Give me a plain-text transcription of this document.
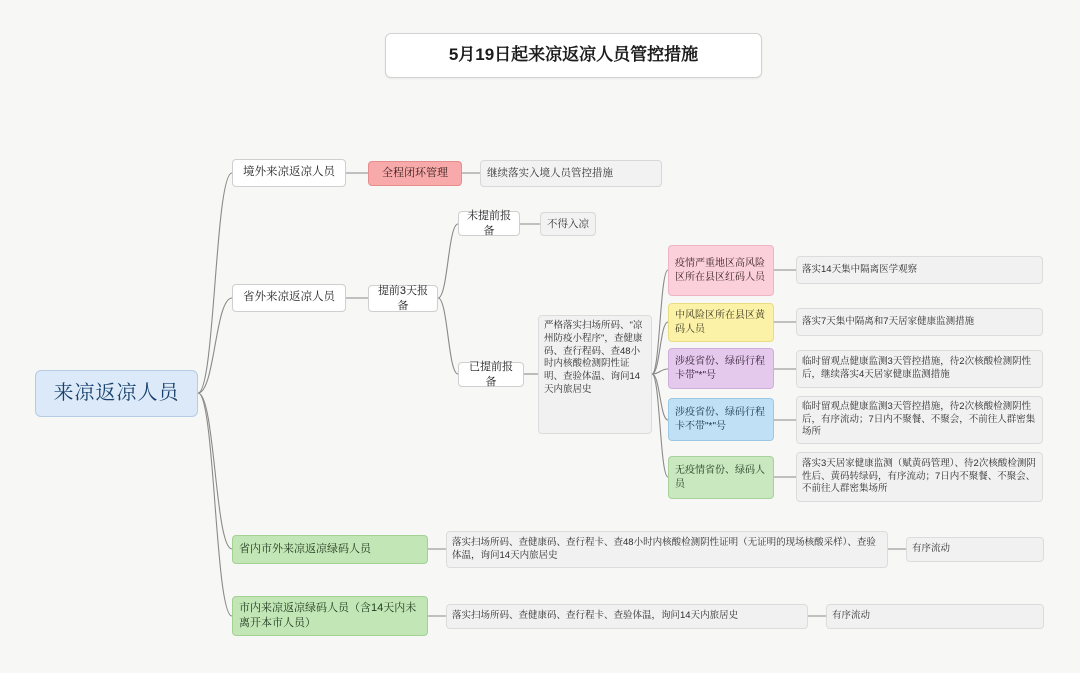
5月19日起来凉返凉人员管控措施
来凉返凉人员
境外来凉返凉人员	全程闭环管理	继续落实入境人员管控措施
省外来凉返凉人员
提前3天报备
未提前报备
不得入凉
已提前报备
严格落实扫场所码、"凉州防疫小程序"，查健康码、查行程码、查48小时内核酸检测阴性证明、查验体温、询问14天内旅居史
疫情严重地区高风险区所在县区红码人员
落实14天集中隔离医学观察
中风险区所在县区黄码人员
落实7天集中隔离和7天居家健康监测措施
涉疫省份、绿码行程卡带"*"号
临时留观点健康监测3天管控措施，待2次核酸检测阴性后，继续落实4天居家健康监测措施
涉疫省份、绿码行程卡不带"*"号
临时留观点健康监测3天管控措施，待2次核酸检测阴性后，有序流动；7日内不聚餐、不聚会，不前往人群密集场所
无疫情省份、绿码人员
落实3天居家健康监测（赋黄码管理）、待2次核酸检测阴性后、黄码转绿码，有序流动；7日内不聚餐、不聚会、不前往人群密集场所
省内市外来凉返凉绿码人员
落实扫场所码、查健康码、查行程卡、查48小时内核酸检测阴性证明（无证明的现场核酸采样）、查验体温，询问14天内旅居史
有序流动
市内来凉返凉绿码人员（含14天内未离开本市人员）
落实扫场所码、查健康码、查行程卡、查验体温，询问14天内旅居史	有序流动
